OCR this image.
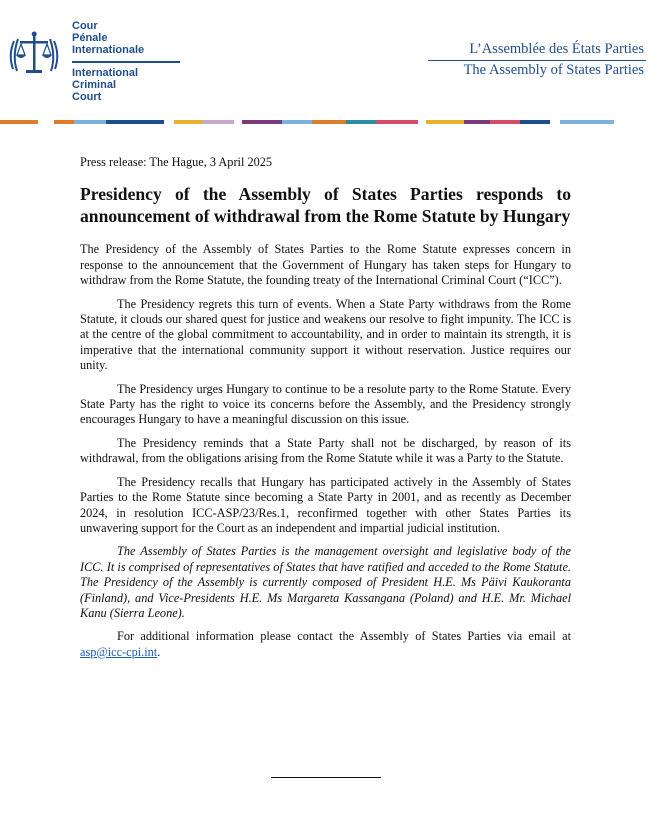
Cour
Pénale
Internationale
International
Criminal
Court
L’Assemblée des États Parties
The Assembly of States Parties
Press release: The Hague, 3 April 2025
Presidency of the Assembly of States Parties responds to announcement of withdrawal from the Rome Statute by Hungary

The Presidency of the Assembly of States Parties to the Rome Statute expresses concern in response to the announcement that the Government of Hungary has taken steps for Hungary to withdraw from the Rome Statute, the founding treaty of the International Criminal Court (“ICC”).

The Presidency regrets this turn of events. When a State Party withdraws from the Rome Statute, it clouds our shared quest for justice and weakens our resolve to fight impunity. The ICC is at the centre of the global commitment to accountability, and in order to maintain its strength, it is imperative that the international community support it without reservation. Justice requires our unity.

The Presidency urges Hungary to continue to be a resolute party to the Rome Statute. Every State Party has the right to voice its concerns before the Assembly, and the Presidency strongly encourages Hungary to have a meaningful discussion on this issue.

The Presidency reminds that a State Party shall not be discharged, by reason of its withdrawal, from the obligations arising from the Rome Statute while it was a Party to the Statute.

The Presidency recalls that Hungary has participated actively in the Assembly of States Parties to the Rome Statute since becoming a State Party in 2001, and as recently as December 2024, in resolution ICC-ASP/23/Res.1, reconfirmed together with other States Parties its unwavering support for the Court as an independent and impartial judicial institution.

The Assembly of States Parties is the management oversight and legislative body of the ICC. It is comprised of representatives of States that have ratified and acceded to the Rome Statute. The Presidency of the Assembly is currently composed of President H.E. Ms Päivi Kaukoranta (Finland), and Vice-Presidents H.E. Ms Margareta Kassangana (Poland) and H.E. Mr. Michael Kanu (Sierra Leone).

For additional information please contact the Assembly of States Parties via email at asp@icc-cpi.int.
